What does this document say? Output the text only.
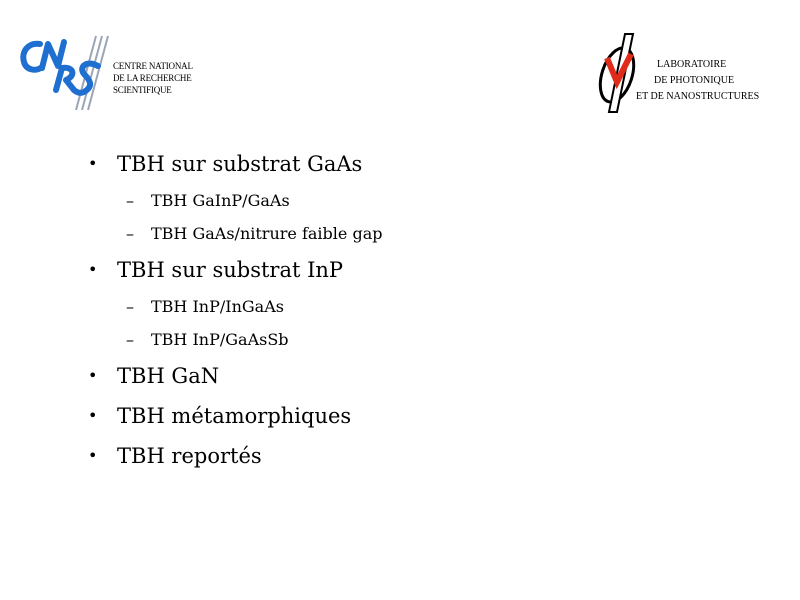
CENTRE NATIONAL
DE LA RECHERCHE
SCIENTIFIQUE
LABORATOIRE
DE PHOTONIQUE
ET DE NANOSTRUCTURES
• TBH sur substrat GaAs
– TBH GaInP/GaAs
– TBH GaAs/nitrure faible gap
• TBH sur substrat InP
– TBH InP/InGaAs
– TBH InP/GaAsSb
• TBH GaN
• TBH métamorphiques
• TBH reportés
